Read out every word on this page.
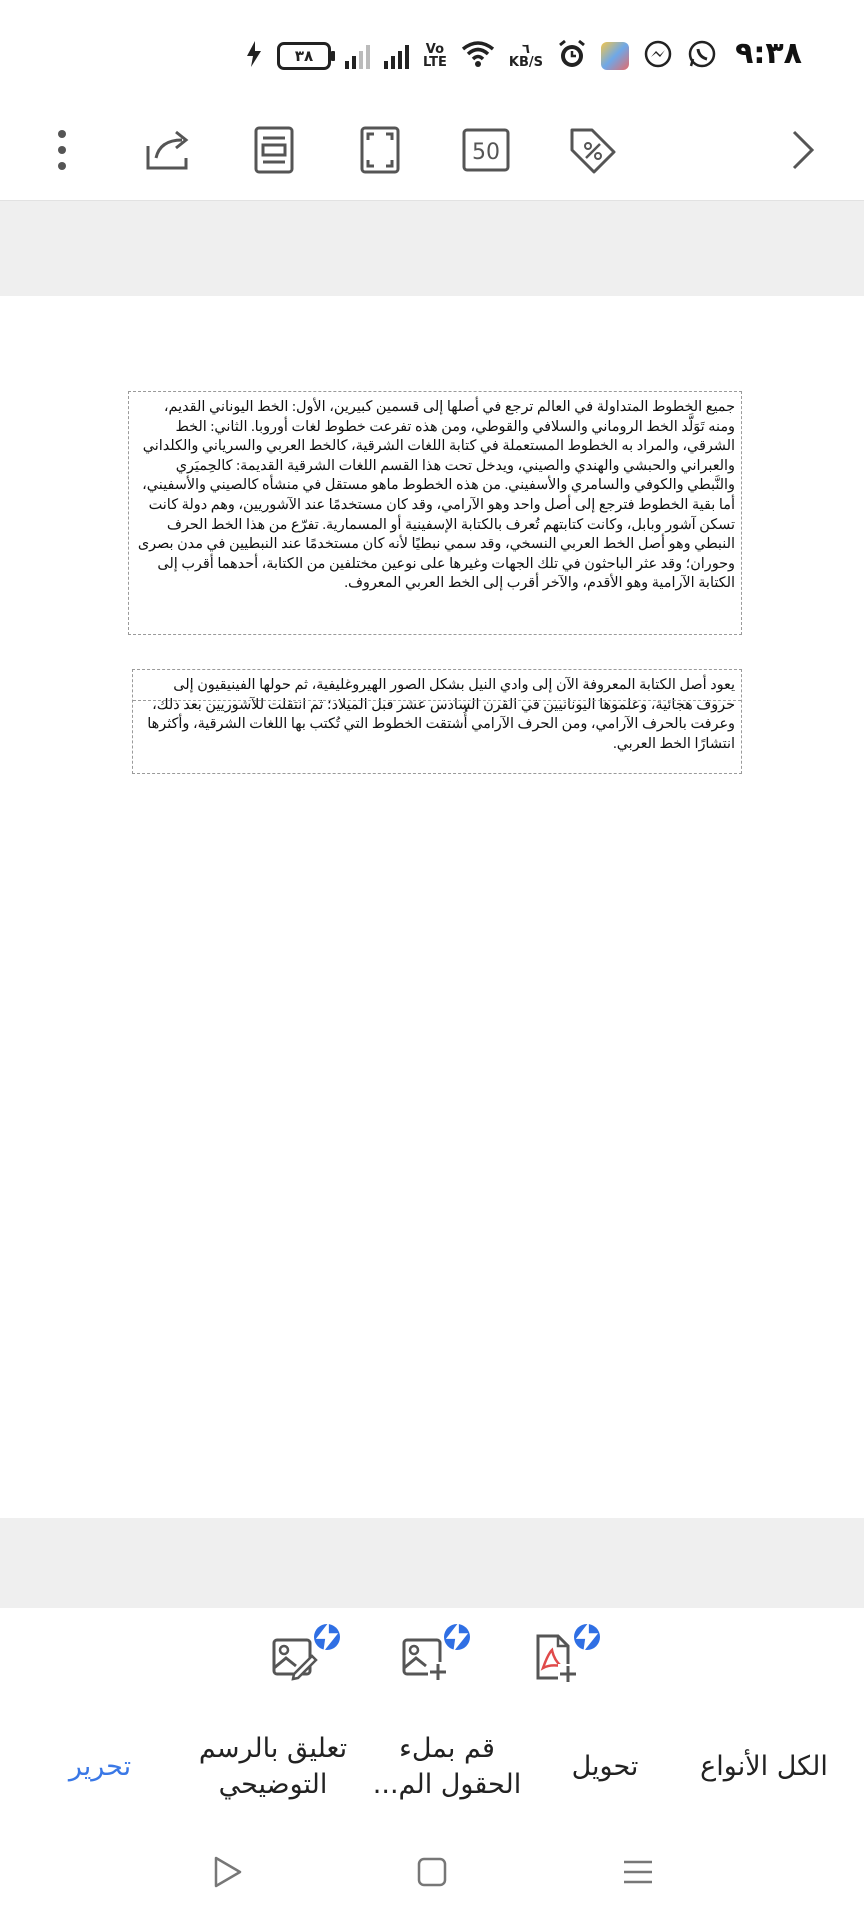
٣٨	Vo
LTE
٦
KB/S	٩:٣٨
50
جميع الخطوط المتداولة في العالم ترجع في أصلها إلى قسمين كبيرين، الأول: الخط اليوناني القديم، ومنه تَوَلَّد الخط الروماني والسلافي والقوطي، ومن هذه تفرعت خطوط لغات أوروبا. الثاني: الخط الشرقي، والمراد به الخطوط المستعملة في كتابة اللغات الشرقية، كالخط العربي والسرياني والكلداني والعبراني والحبشي والهندي والصيني، ويدخل تحت هذا القسم اللغات الشرقية القديمة: كالحِميَري والنَّبطي والكوفي والسامري والأسفيني. من هذه الخطوط ماهو مستقل في منشأه كالصيني والأسفيني، أما بقية الخطوط فترجع إلى أصل واحد وهو الآرامي، وقد كان مستخدمًا عند الآشوريين، وهم دولة كانت تسكن آشور وبابل، وكانت كتابتهم تُعرف بالكتابة الإسفينية أو المسمارية. تفرّع من هذا الخط الحرف النبطي وهو أصل الخط العربي النسخي، وقد سمي نبطيًا لأنه كان مستخدمًا عند النبطيين في مدن بصرى وحوران؛ وقد عثر الباحثون في تلك الجهات وغيرها على نوعين مختلفين من الكتابة، أحدهما أقرب إلى الكتابة الآرامية وهو الأقدم، والآخر أقرب إلى الخط العربي المعروف.
يعود أصل الكتابة المعروفة الآن إلى وادي النيل بشكل الصور الهيروغليفية، ثم حولها الفينيقيون إلى حروف هجائية، وعلموها اليونانيين في القرن السادس عشر قبل الميلاد؛ ثم انتقلت للآشوريين بعد ذلك، وعرفت بالحرف الآرامي، ومن الحرف الآرامي أُشتقت الخطوط التي تُكتب بها اللغات الشرقية، وأكثرها انتشارًا الخط العربي.
الكل الأنواع
تحويل
قم بملء الحقول الم...
تعليق بالرسم التوضيحي
تحرير
